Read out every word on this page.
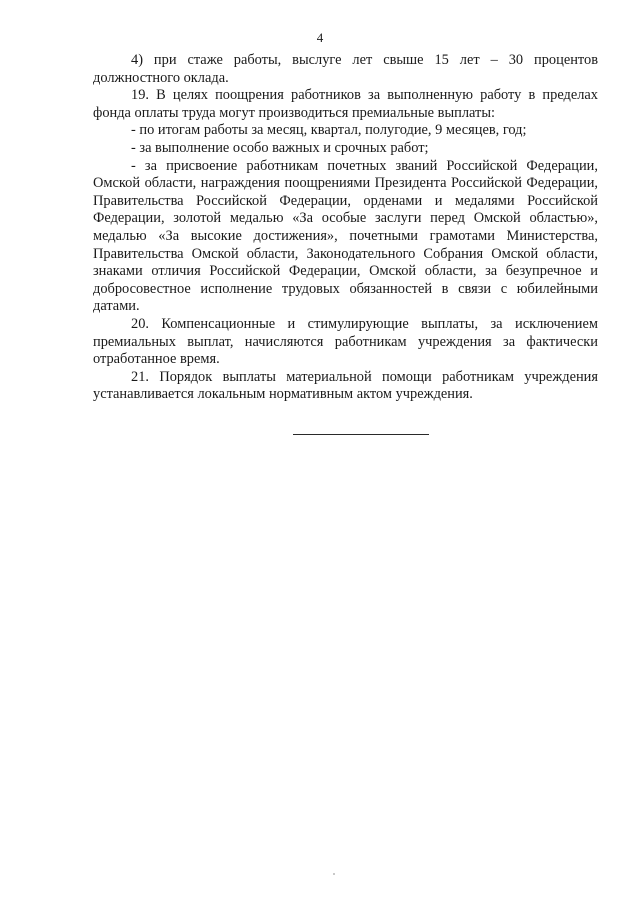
4

4) при стаже работы, выслуге лет свыше 15 лет – 30 процентов должностного оклада.

19. В целях поощрения работников за выполненную работу в пределах фонда оплаты труда могут производиться премиальные выплаты:

- по итогам работы за месяц, квартал, полугодие, 9 месяцев, год;

- за выполнение особо важных и срочных работ;

- за присвоение работникам почетных званий Российской Федерации, Омской области, награждения поощрениями Президента Российской Федерации, Правительства Российской Федерации, орденами и медалями Российской Федерации, золотой медалью «За особые заслуги перед Омской областью», медалью «За высокие достижения», почетными грамотами Министерства, Правительства Омской области, Законодательного Собрания Омской области, знаками отличия Российской Федерации, Омской области, за безупречное и добросовестное исполнение трудовых обязанностей в связи с юбилейными датами.

20. Компенсационные и стимулирующие выплаты, за исключением премиальных выплат, начисляются работникам учреждения за фактически отработанное время.

21. Порядок выплаты материальной помощи работникам учреждения устанавливается локальным нормативным актом учреждения.
